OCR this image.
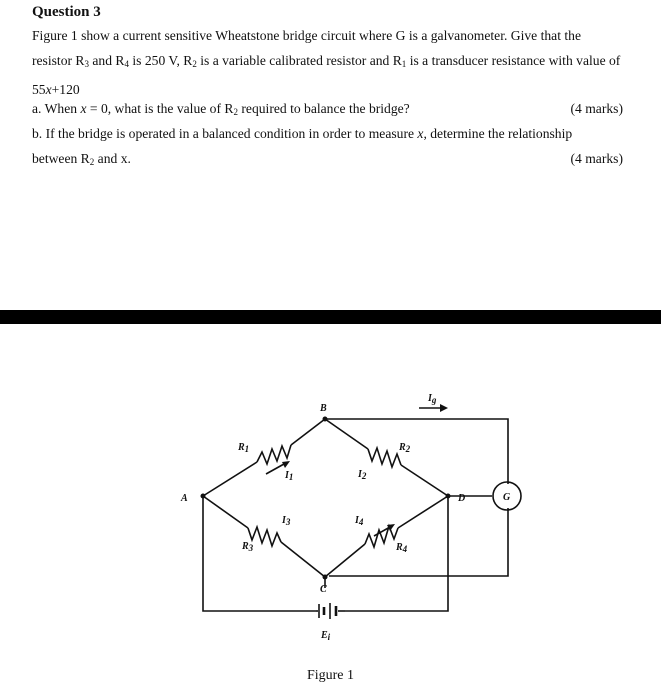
Question 3

Figure 1 show a current sensitive Wheatstone bridge circuit where G is a galvanometer. Give that the resistor $R_3$ and $R_4$ is 250 V, $R_2$ is a variable calibrated resistor and $R_1$ is a transducer resistance with value of 55x+120

a. When x = 0, what is the value of $R_2$ required to balance the bridge?	(4 marks)
b. If the bridge is operated in a balanced condition in order to measure x, determine the relationship
between $R_2$ and x.	(4 marks)
A
B
D
C
G
R1	R2
R3	R4
I1	I2
I3	I4
Ig
Ei
Figure 1
